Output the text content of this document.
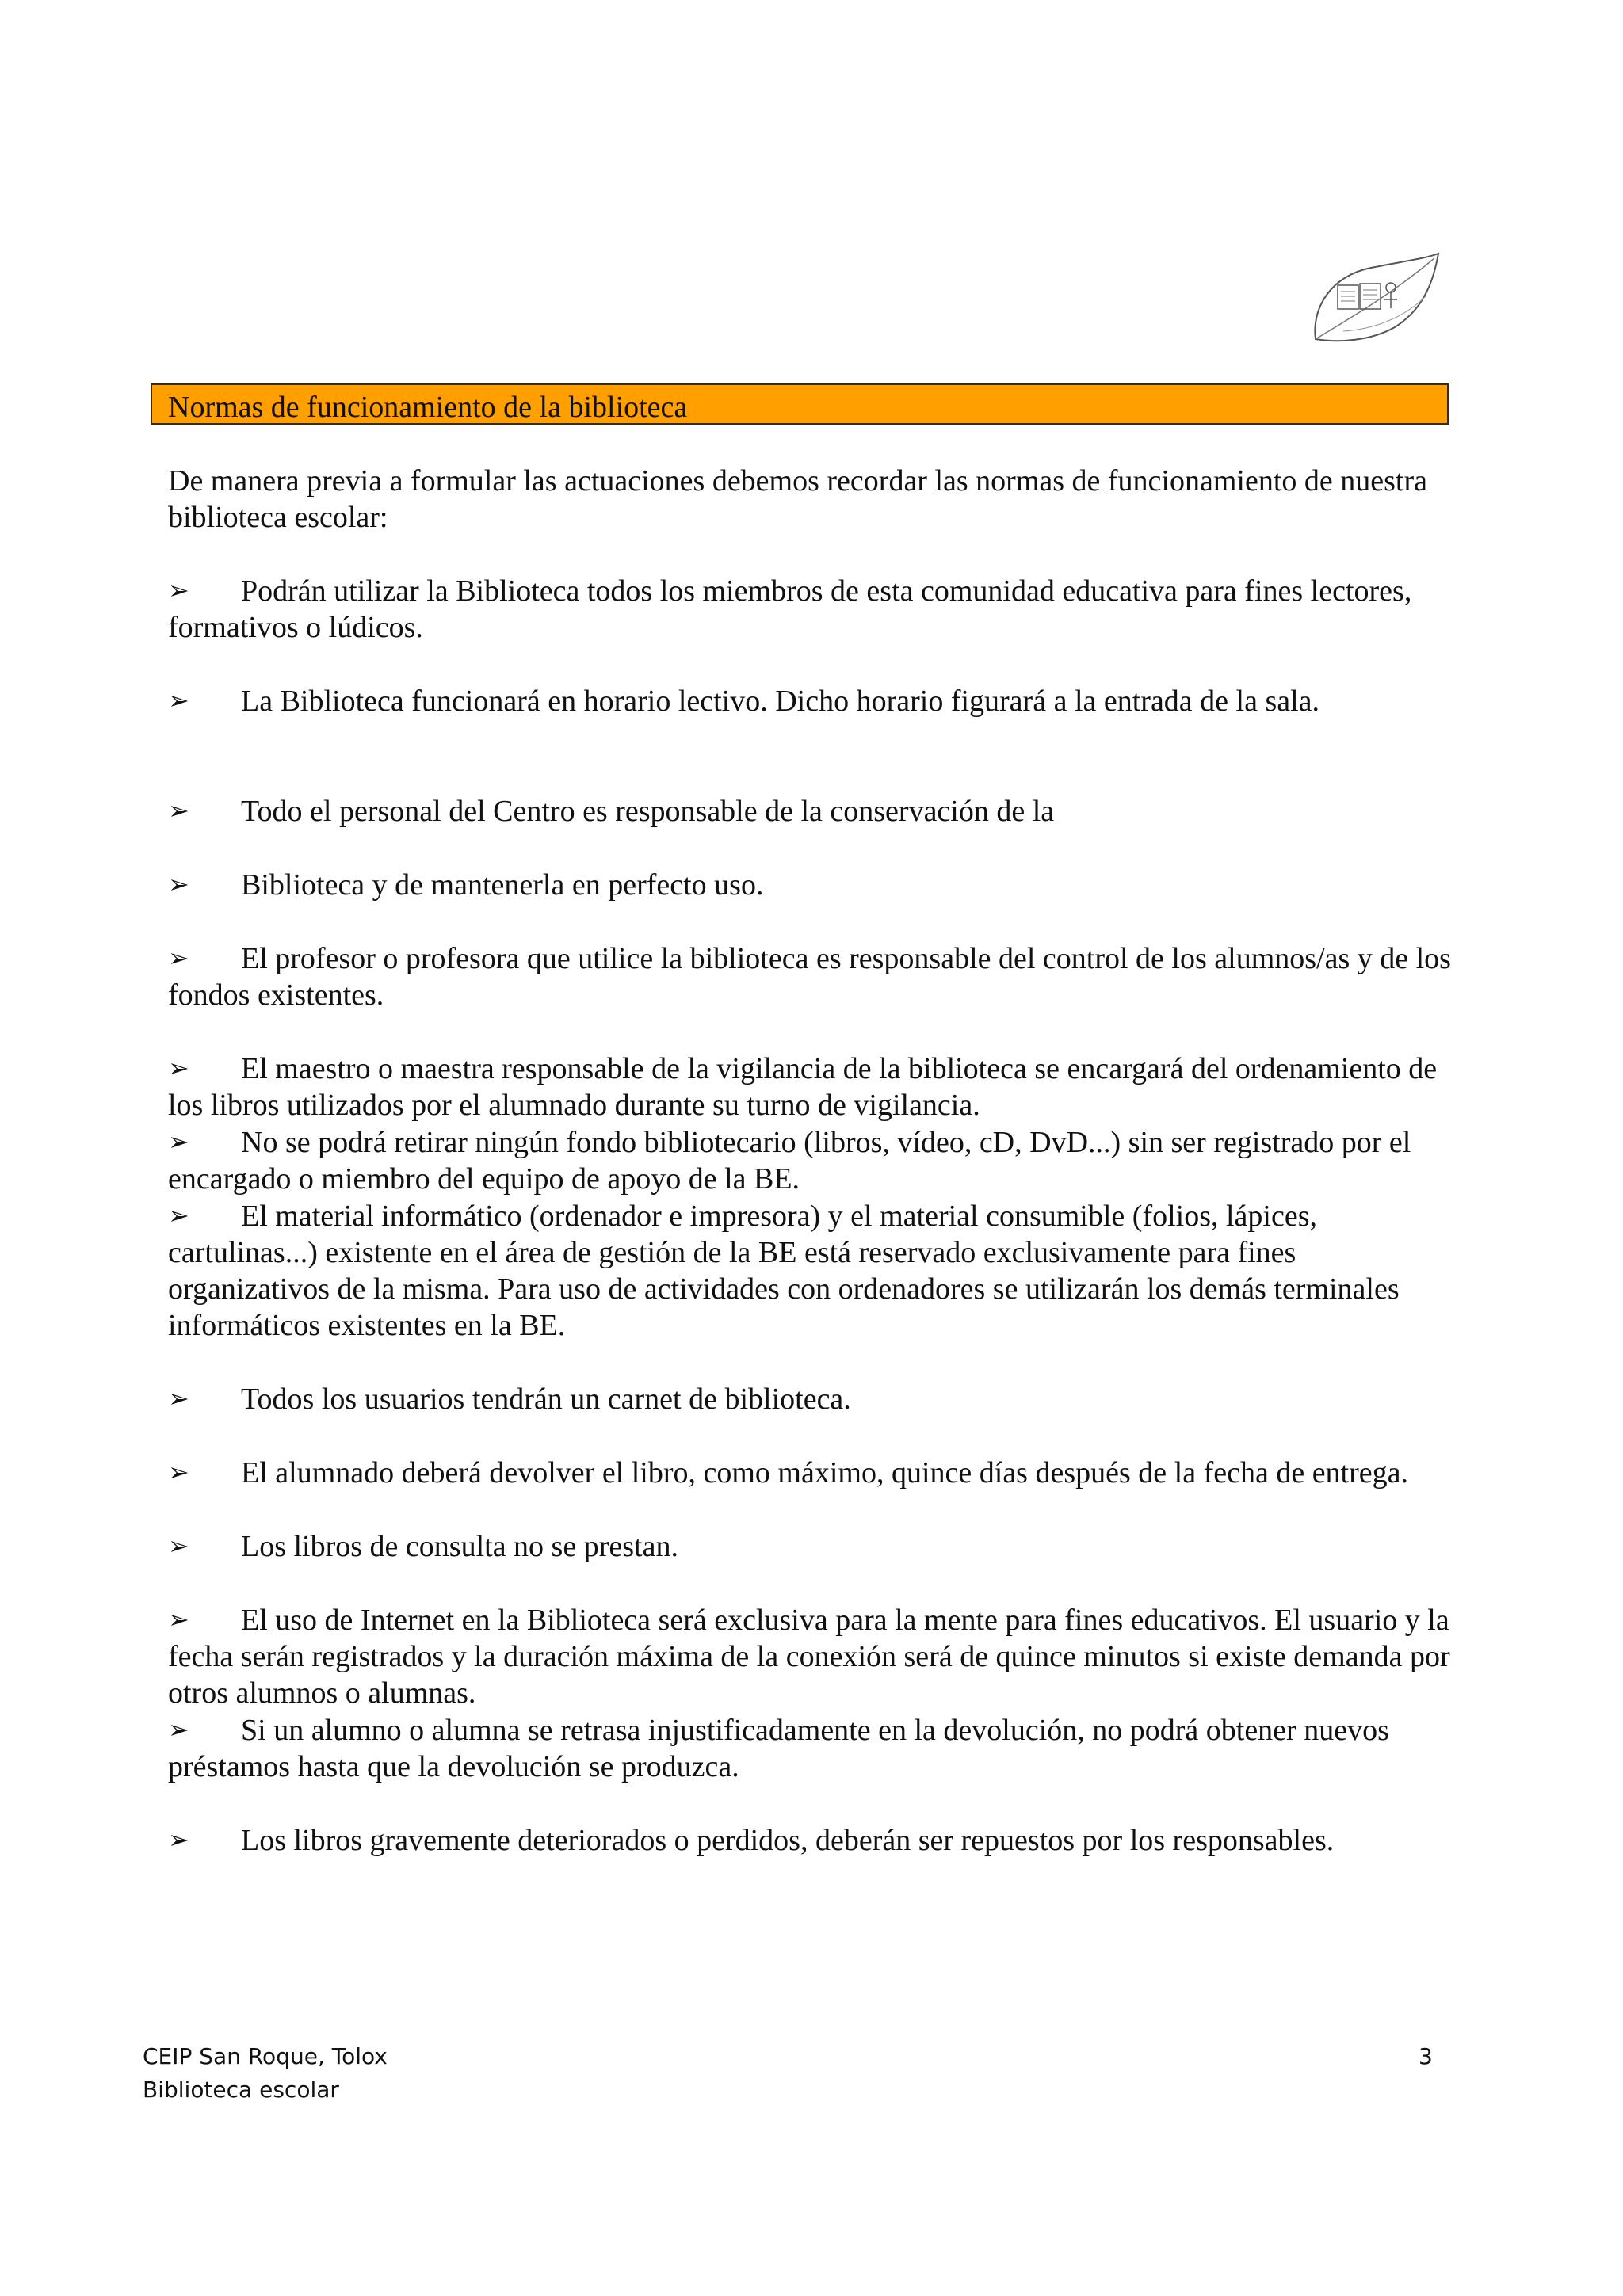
Normas de funcionamiento de la biblioteca

De manera previa a formular las actuaciones debemos recordar las normas de funcionamiento de nuestra biblioteca escolar:

➢ Podrán utilizar la Biblioteca todos los miembros de esta comunidad educativa para fines lectores, formativos o lúdicos.

➢ La Biblioteca funcionará en horario lectivo. Dicho horario figurará a la entrada de la sala.

➢ Todo el personal del Centro es responsable de la conservación de la

➢ Biblioteca y de mantenerla en perfecto uso.

➢ El profesor o profesora que utilice la biblioteca es responsable del control de los alumnos/as y de los fondos existentes.

➢ El maestro o maestra responsable de la vigilancia de la biblioteca se encargará del ordenamiento de los libros utilizados por el alumnado durante su turno de vigilancia.

➢ No se podrá retirar ningún fondo bibliotecario (libros, vídeo, cD, DvD...) sin ser registrado por el encargado o miembro del equipo de apoyo de la BE.

➢ El material informático (ordenador e impresora) y el material consumible (folios, lápices, cartulinas...) existente en el área de gestión de la BE está reservado exclusivamente para fines organizativos de la misma. Para uso de actividades con ordenadores se utilizarán los demás terminales informáticos existentes en la BE.

➢ Todos los usuarios tendrán un carnet de biblioteca.

➢ El alumnado deberá devolver el libro, como máximo, quince días después de la fecha de entrega.

➢ Los libros de consulta no se prestan.

➢ El uso de Internet en la Biblioteca será exclusiva para la mente para fines educativos. El usuario y la fecha serán registrados y la duración máxima de la conexión será de quince minutos si existe demanda por otros alumnos o alumnas.

➢ Si un alumno o alumna se retrasa injustificadamente en la devolución, no podrá obtener nuevos préstamos hasta que la devolución se produzca.

➢ Los libros gravemente deteriorados o perdidos, deberán ser repuestos por los responsables.

CEIP San Roque, Tolox
Biblioteca escolar
3
